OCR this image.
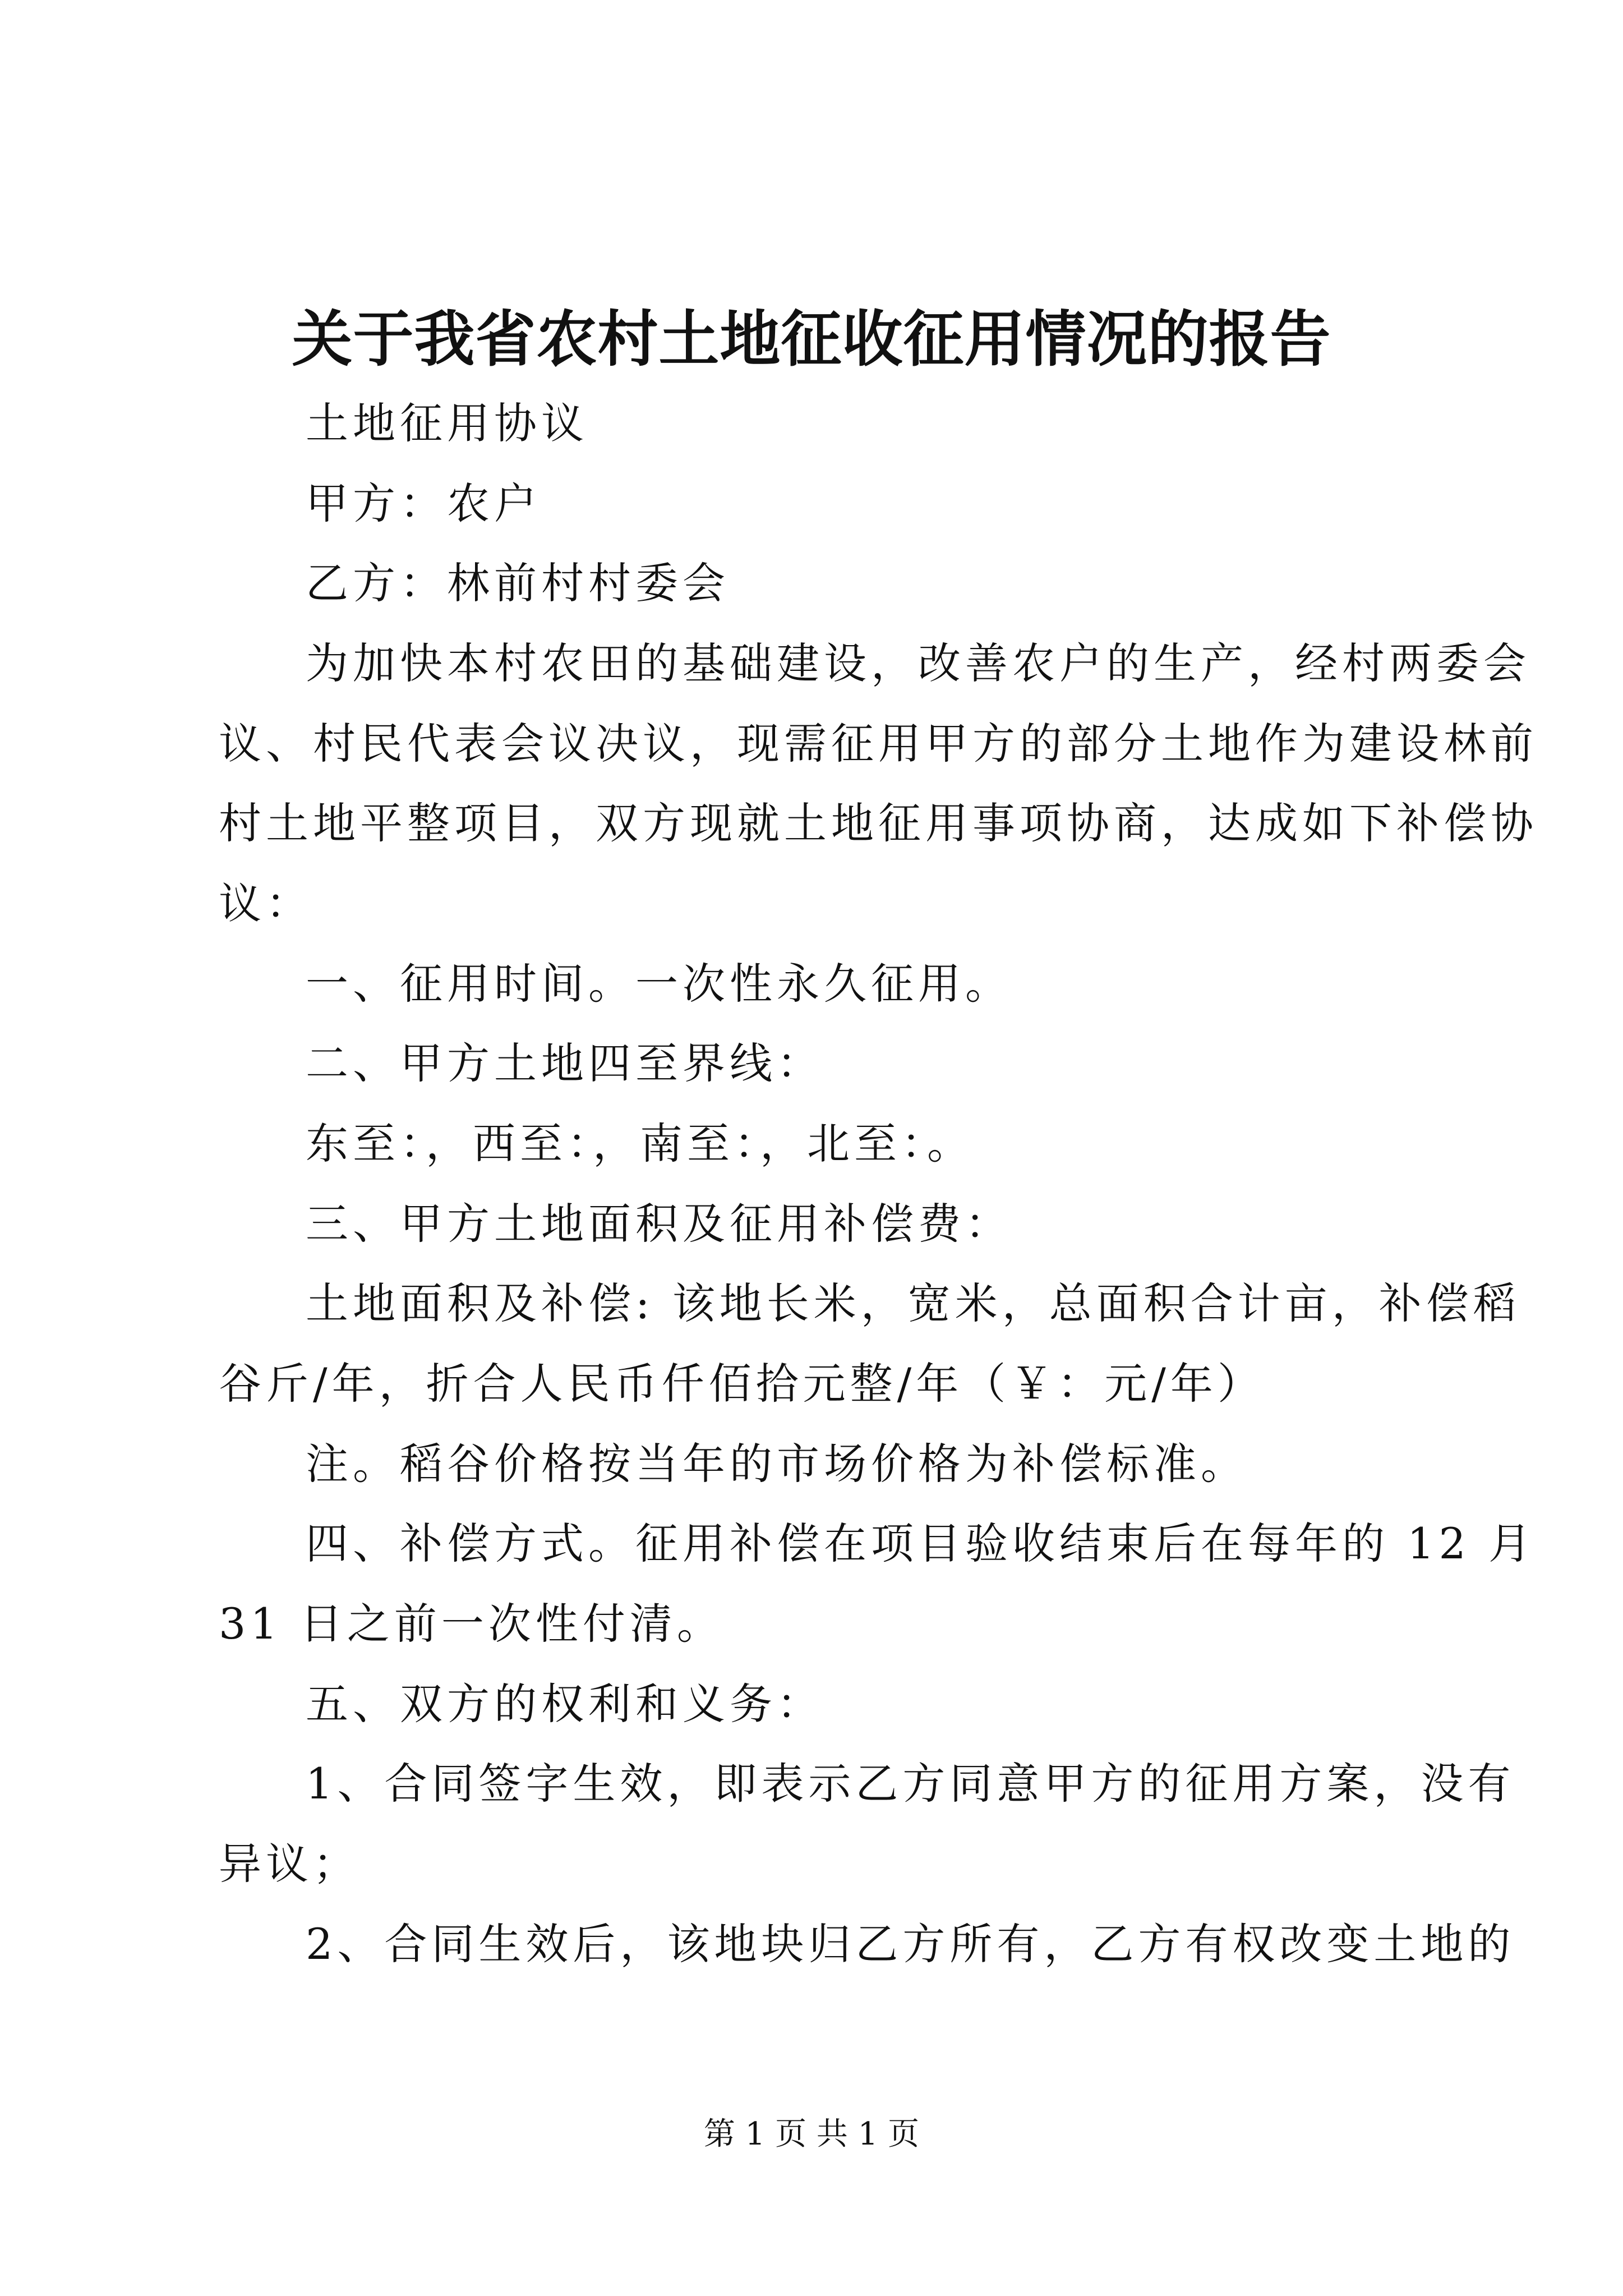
关于我省农村土地征收征用情况的报告
土地征用协议
甲方：农户
乙方：林前村村委会
为加快本村农田的基础建设，改善农户的生产，经村两委会
议、村民代表会议决议，现需征用甲方的部分土地作为建设林前
村土地平整项目，双方现就土地征用事项协商，达成如下补偿协
议：
一、征用时间。一次性永久征用。
二、甲方土地四至界线：
东至：，西至：，南至：，北至：。
三、甲方土地面积及征用补偿费：
土地面积及补偿: 该地长米，宽米，总面积合计亩，补偿稻
谷斤/年，折合人民币仟佰拾元整/年（￥：元/年）
注。稻谷价格按当年的市场价格为补偿标准。
四、补偿方式。征用补偿在项目验收结束后在每年的 12 月
31 日之前一次性付清。
五、双方的权利和义务：
1、合同签字生效，即表示乙方同意甲方的征用方案，没有
异议；
2、合同生效后，该地块归乙方所有，乙方有权改变土地的
第 1 页 共 1 页
